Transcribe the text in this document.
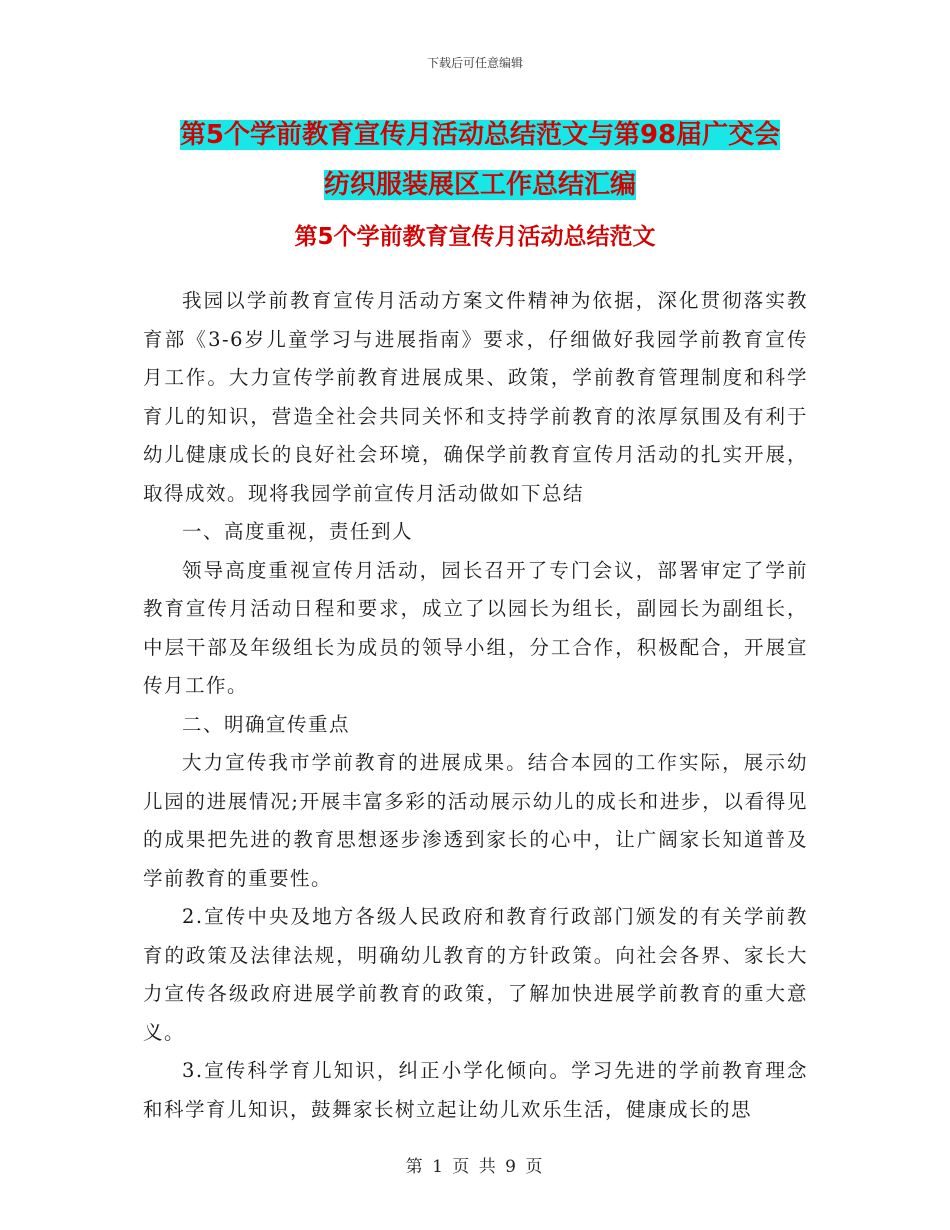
下载后可任意编辑
第5个学前教育宣传月活动总结范文与第98届广交会
纺织服装展区工作总结汇编
第5个学前教育宣传月活动总结范文

我园以学前教育宣传月活动方案文件精神为依据，深化贯彻落实教育部《3-6岁儿童学习与进展指南》要求，仔细做好我园学前教育宣传月工作。大力宣传学前教育进展成果、政策，学前教育管理制度和科学育儿的知识，营造全社会共同关怀和支持学前教育的浓厚氛围及有利于幼儿健康成长的良好社会环境，确保学前教育宣传月活动的扎实开展，取得成效。现将我园学前宣传月活动做如下总结

一、高度重视，责任到人

领导高度重视宣传月活动，园长召开了专门会议，部署审定了学前教育宣传月活动日程和要求，成立了以园长为组长，副园长为副组长，中层干部及年级组长为成员的领导小组，分工合作，积极配合，开展宣传月工作。

二、明确宣传重点

大力宣传我市学前教育的进展成果。结合本园的工作实际，展示幼儿园的进展情况;开展丰富多彩的活动展示幼儿的成长和进步，以看得见的成果把先进的教育思想逐步渗透到家长的心中，让广阔家长知道普及学前教育的重要性。

2.宣传中央及地方各级人民政府和教育行政部门颁发的有关学前教育的政策及法律法规，明确幼儿教育的方针政策。向社会各界、家长大力宣传各级政府进展学前教育的政策，了解加快进展学前教育的重大意义。

3.宣传科学育儿知识，纠正小学化倾向。学习先进的学前教育理念和科学育儿知识，鼓舞家长树立起让幼儿欢乐生活，健康成长的思

第 1 页 共 9 页
